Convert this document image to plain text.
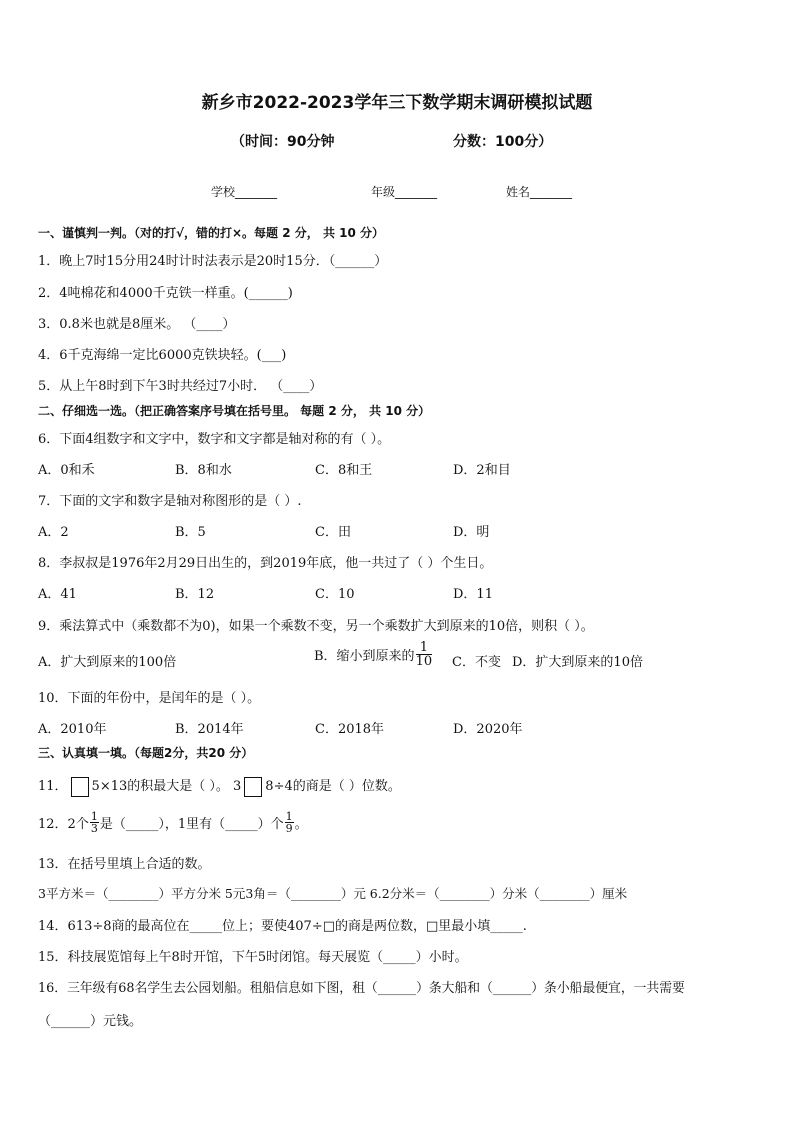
新乡市2022-2023学年三下数学期末调研模拟试题
（时间：90分钟	分数：100分）
学校_______	年级_______	姓名_______
一、谨慎判一判。（对的打√，错的打×。每题 2 分， 共 10 分）
1．晚上7时15分用24时计时法表示是20时15分．（______）
2．4吨棉花和4000千克铁一样重。(______)
3．0.8米也就是8厘米。 （____）
4．6千克海绵一定比6000克铁块轻。(___)
5．从上午8时到下午3时共经过7小时． （____）
二、仔细选一选。（把正确答案序号填在括号里。 每题 2 分， 共 10 分）
6．下面4组数字和文字中，数字和文字都是轴对称的有（ ）。
A．0和禾	B．8和水	C．8和王	D．2和目
7．下面的文字和数字是轴对称图形的是（ ）.
A．2	B．5	C．田	D．明
8．李叔叔是1976年2月29日出生的，到2019年底，他一共过了（ ）个生日。
A．41	B．12	C．10	D．11
9．乘法算式中（乘数都不为0)，如果一个乘数不变，另一个乘数扩大到原来的10倍，则积（ ）。
A．扩大到原来的100倍	B．缩小到原来的 $\frac{1}{10}$ C．不变 D．扩大到原来的10倍
10．下面的年份中，是闰年的是（ ）。
A．2010年	B．2014年	C．2018年	D．2020年
三、认真填一填。（每题2分，共20 分）
11． 5×13的积最大是（ ）。 3 8÷4的商是（ ）位数。
12．2个 $\frac{1}{3}$ 是（_____），1里有（_____）个 $\frac{1}{9}$ 。
13．在括号里填上合适的数。
3平方米＝（________）平方分米 5元3角＝（________）元 6.2分米＝（________）分米（________）厘米
14．613÷8商的最高位在_____位上；要使407÷□的商是两位数，□里最小填_____.
15．科技展览馆每上午8时开馆，下午5时闭馆。每天展览（_____）小时。
16．三年级有68名学生去公园划船。租船信息如下图，租（______）条大船和（______）条小船最便宜，一共需要
（______）元钱。
